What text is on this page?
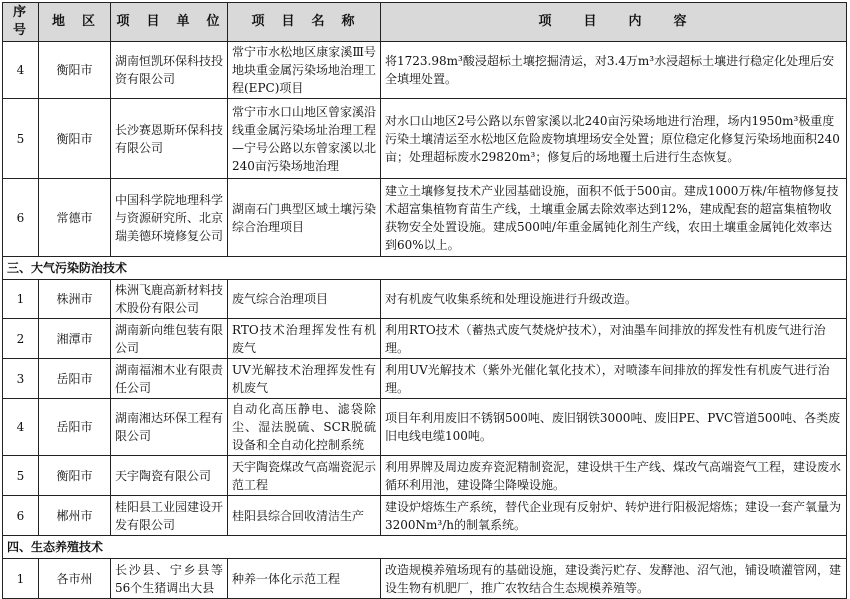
序号	地　区	项　目　单　位	项　目　名　称	项　　目　　内　　容
4	衡阳市	湖南恒凯环保科技投资有限公司	常宁市水松地区康家溪Ⅲ号地块重金属污染场地治理工程(EPC)项目	将1723.98m³酸浸超标土壤挖掘清运，对3.4万m³水浸超标土壤进行稳定化处理后安全填埋处置。
5	衡阳市	长沙赛恩斯环保科技有限公司	常宁市水口山地区曾家溪沿线重金属污染场址治理工程—宁号公路以东曾家溪以北240亩污染场地治理	对水口山地区2号公路以东曾家溪以北240亩污染场地进行治理，场内1950m³极重度污染土壤清运至水松地区危险废物填埋场安全处置；原位稳定化修复污染场地面积240亩；处理超标废水29820m³；修复后的场地覆土后进行生态恢复。
6	常德市	中国科学院地理科学与资源研究所、北京瑞美德环境修复公司	湖南石门典型区域土壤污染综合治理项目	建立土壤修复技术产业园基础设施，面积不低于500亩。建成1000万株/年植物修复技术超富集植物育苗生产线，土壤重金属去除效率达到12%，建成配套的超富集植物收获物安全处置设施。建成500吨/年重金属钝化剂生产线，农田土壤重金属钝化效率达到60%以上。
三、大气污染防治技术				
1	株洲市	株洲飞鹿高新材料技术股份有限公司	废气综合治理项目	对有机废气收集系统和处理设施进行升级改造。
2	湘潭市	湖南新向维包装有限公司	RTO技术治理挥发性有机废气	利用RTO技术（蓄热式废气焚烧炉技术），对油墨车间排放的挥发性有机废气进行治理。
3	岳阳市	湖南福湘木业有限责任公司	UV光解技术治理挥发性有机废气	利用UV光解技术（紫外光催化氧化技术），对喷漆车间排放的挥发性有机废气进行治理。
4	岳阳市	湖南湘达环保工程有限公司	自动化高压静电、滤袋除尘、湿法脱硫、SCR脱硫设备和全自动化控制系统	项目年利用废旧不锈钢500吨、废旧钢铁3000吨、废旧PE、PVC管道500吨、各类废旧电线电缆100吨。
5	衡阳市	天宇陶瓷有限公司	天宇陶瓷煤改气高端瓷泥示范工程	利用界牌及周边废弃瓷泥精制瓷泥，建设烘干生产线、煤改气高端瓷气工程，建设废水循环利用池，建设降尘降噪设施。
6	郴州市	桂阳县工业园建设开发有限公司	桂阳县综合回收清洁生产	建设炉熔炼生产系统，替代企业现有反射炉、转炉进行阳极泥熔炼；建设一套产氧量为3200Nm³/h的制氧系统。
四、生态养殖技术				
1	各市州	长沙县、宁乡县等56个生猪调出大县	种养一体化示范工程	改造规模养殖场现有的基础设施，建设粪污贮存、发酵池、沼气池，铺设喷灌管网，建设生物有机肥厂，推广农牧结合生态规模养殖等。
